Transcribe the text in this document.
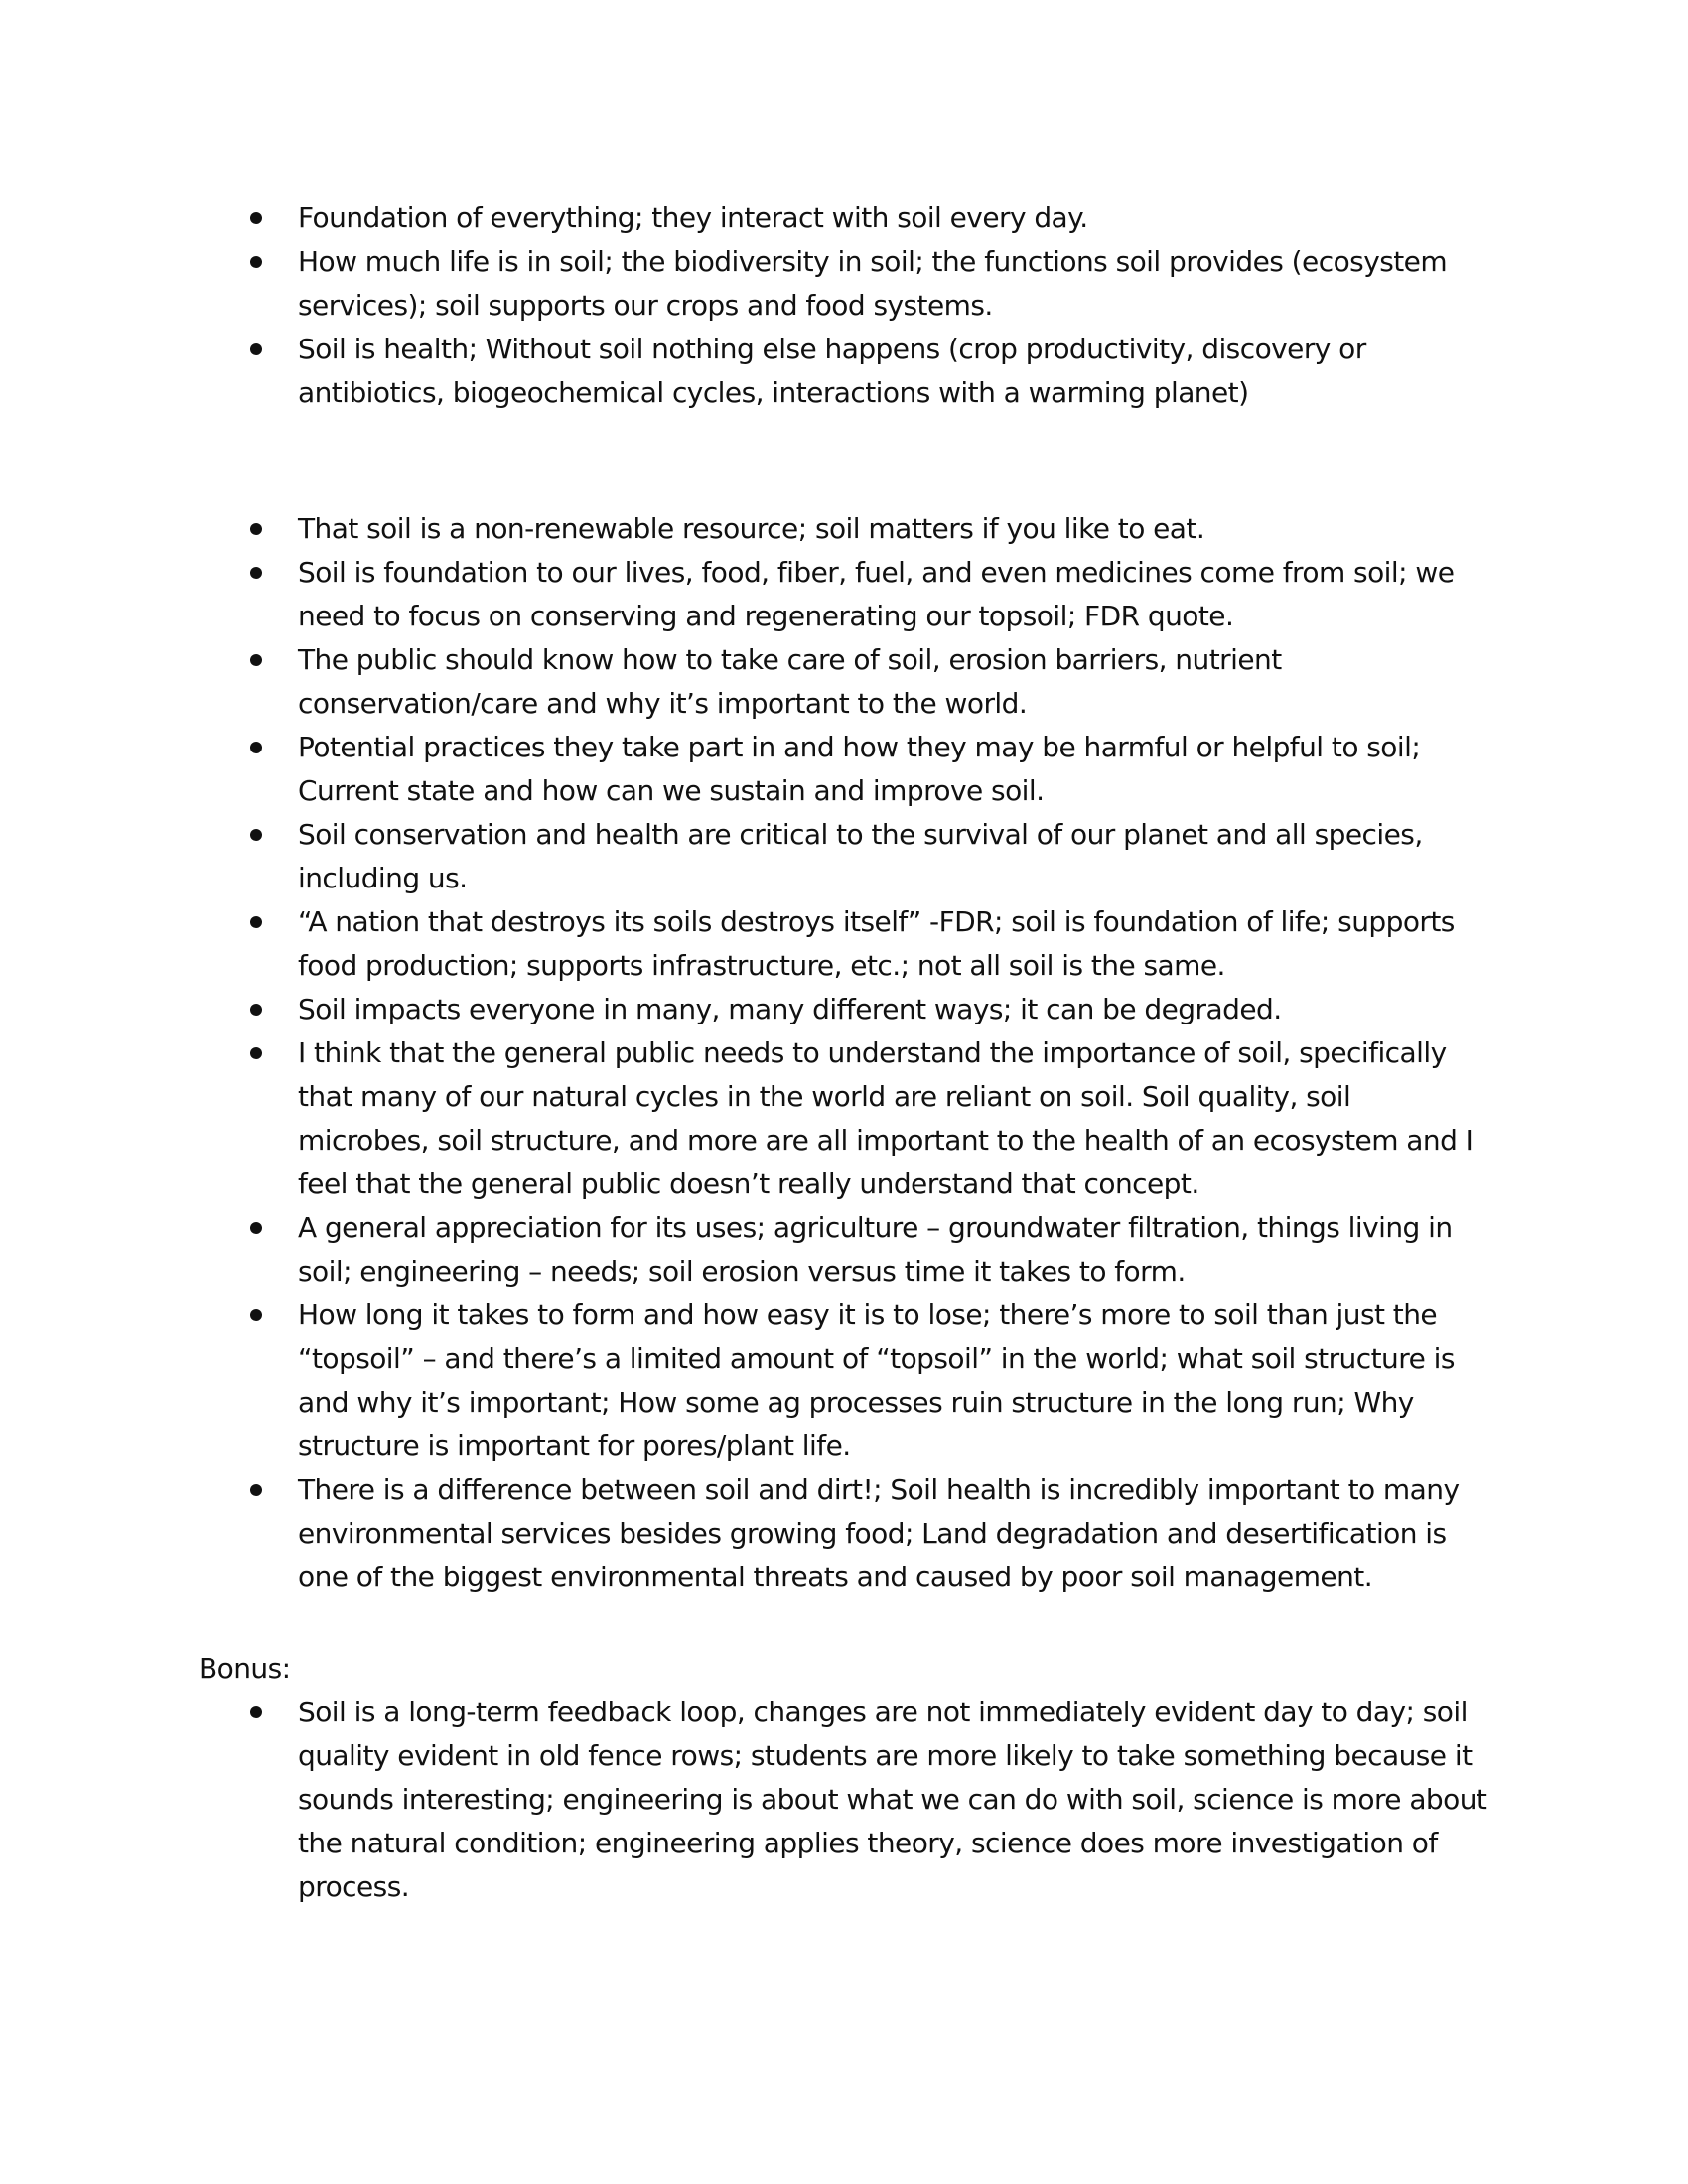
Foundation of everything; they interact with soil every day.
How much life is in soil; the biodiversity in soil; the functions soil provides (ecosystem services); soil supports our crops and food systems.
Soil is health; Without soil nothing else happens (crop productivity, discovery or antibiotics, biogeochemical cycles, interactions with a warming planet)
That soil is a non-renewable resource; soil matters if you like to eat.
Soil is foundation to our lives, food, fiber, fuel, and even medicines come from soil; we need to focus on conserving and regenerating our topsoil; FDR quote.
The public should know how to take care of soil, erosion barriers, nutrient conservation/care and why it’s important to the world.
Potential practices they take part in and how they may be harmful or helpful to soil; Current state and how can we sustain and improve soil.
Soil conservation and health are critical to the survival of our planet and all species, including us.
“A nation that destroys its soils destroys itself” -FDR; soil is foundation of life; supports food production; supports infrastructure, etc.; not all soil is the same.
Soil impacts everyone in many, many different ways; it can be degraded.
I think that the general public needs to understand the importance of soil, specifically that many of our natural cycles in the world are reliant on soil. Soil quality, soil microbes, soil structure, and more are all important to the health of an ecosystem and I feel that the general public doesn’t really understand that concept.
A general appreciation for its uses; agriculture – groundwater filtration, things living in soil; engineering – needs; soil erosion versus time it takes to form.
How long it takes to form and how easy it is to lose; there’s more to soil than just the “topsoil” – and there’s a limited amount of “topsoil” in the world; what soil structure is and why it’s important; How some ag processes ruin structure in the long run; Why structure is important for pores/plant life.
There is a difference between soil and dirt!; Soil health is incredibly important to many environmental services besides growing food; Land degradation and desertification is one of the biggest environmental threats and caused by poor soil management.
Bonus:
Soil is a long-term feedback loop, changes are not immediately evident day to day; soil quality evident in old fence rows; students are more likely to take something because it sounds interesting; engineering is about what we can do with soil, science is more about the natural condition; engineering applies theory, science does more investigation of process.
